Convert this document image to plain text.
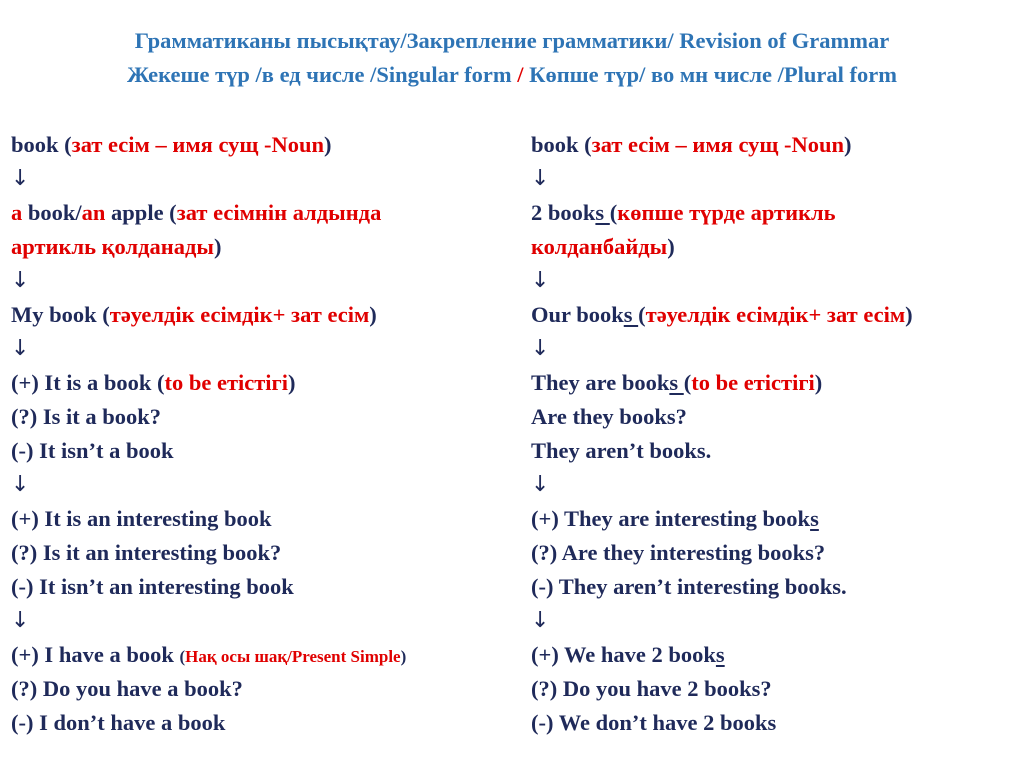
Грамматиканы пысықтау/Закрепление грамматики/ Revision of Grammar
Жекеше түр /в ед числе /Singular form / Көпше түр/ во мн числе /Plural form
book (зат есім – имя сущ -Noun)
↓
a book/an apple (зат есімнін алдында
артикль қолданады)
↓
My book (тәуелдік есімдік+ зат есім)
↓
(+) It is a book (to be етістігі)
(?) Is it a book?
(-) It isn’t a book
↓
(+) It is an interesting book
(?) Is it an interesting book?
(-) It isn’t an interesting book
↓
(+) I have a book (Нақ осы шақ/Present Simple)
(?) Do you have a book?
(-) I don’t have a book
book (зат есім – имя сущ -Noun)
↓
2 books (көпше түрде артикль
колданбайды)
↓
Our books (тәуелдік есімдік+ зат есім)
↓
They are books (to be етістігі)
Are they books?
They aren’t books.
↓
(+) They are interesting books
(?) Are they interesting books?
(-) They aren’t interesting books.
↓
(+) We have 2 books
(?) Do you have 2 books?
(-) We don’t have 2 books
